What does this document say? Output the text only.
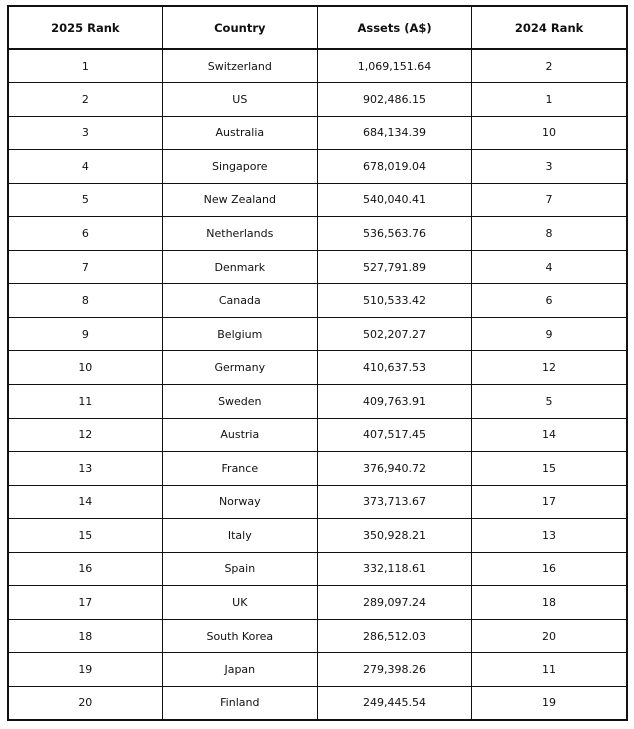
2025 Rank	Country	Assets (A$)	2024 Rank
1	Switzerland	1,069,151.64	2
2	US	902,486.15	1
3	Australia	684,134.39	10
4	Singapore	678,019.04	3
5	New Zealand	540,040.41	7
6	Netherlands	536,563.76	8
7	Denmark	527,791.89	4
8	Canada	510,533.42	6
9	Belgium	502,207.27	9
10	Germany	410,637.53	12
11	Sweden	409,763.91	5
12	Austria	407,517.45	14
13	France	376,940.72	15
14	Norway	373,713.67	17
15	Italy	350,928.21	13
16	Spain	332,118.61	16
17	UK	289,097.24	18
18	South Korea	286,512.03	20
19	Japan	279,398.26	11
20	Finland	249,445.54	19
